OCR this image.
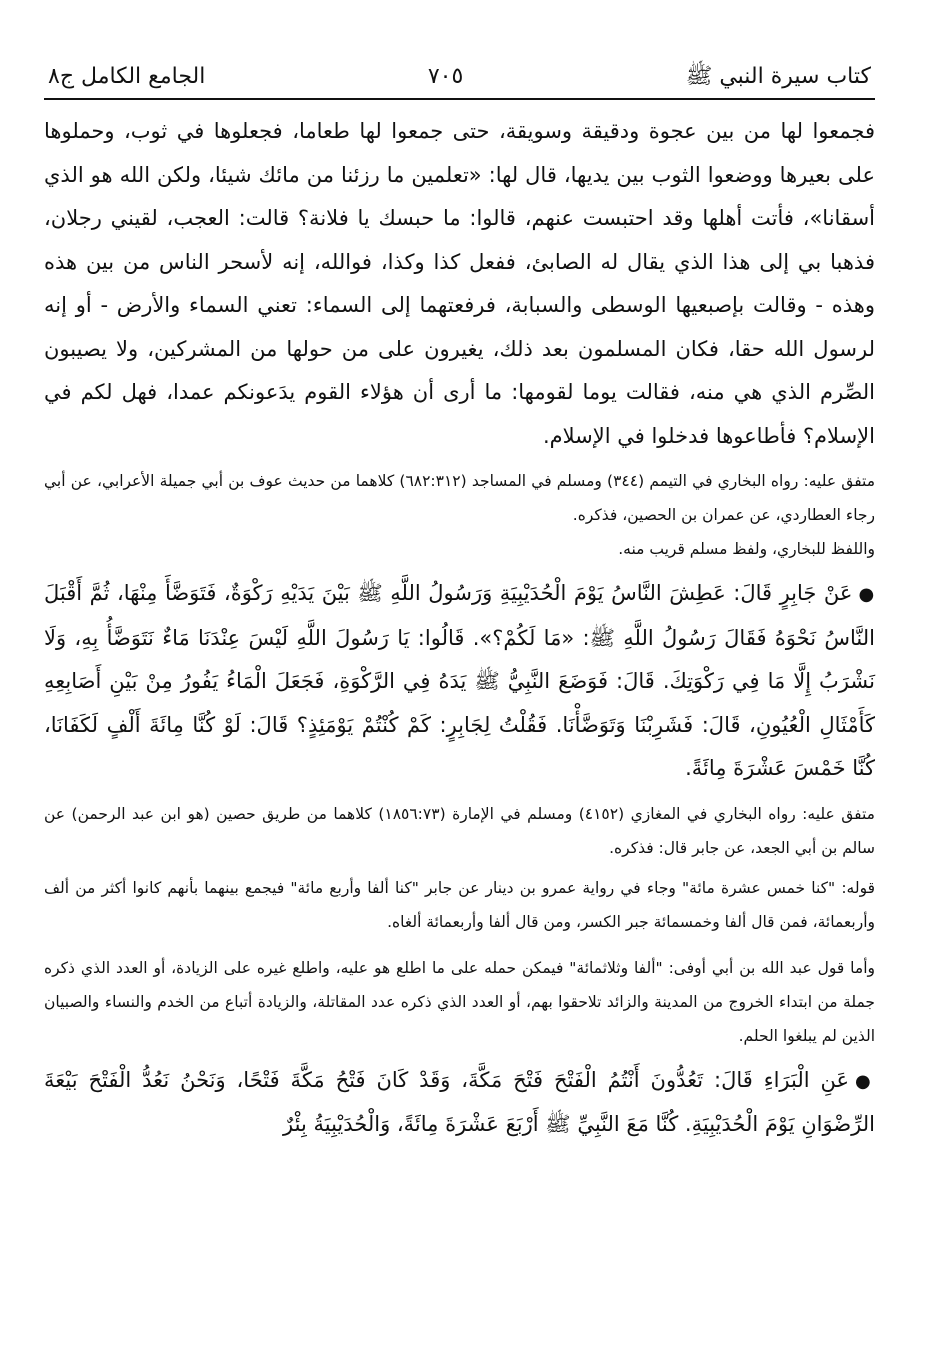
كتاب سيرة النبي ﷺ
٧٠٥
الجامع الكامل ج٨

فجمعوا لها من بين عجوة ودقيقة وسويقة، حتى جمعوا لها طعاما، فجعلوها في ثوب، وحملوها على بعيرها ووضعوا الثوب بين يديها، قال لها: «تعلمين ما رزئنا من مائك شيئا، ولكن الله هو الذي أسقانا»، فأتت أهلها وقد احتبست عنهم، قالوا: ما حبسك يا فلانة؟ قالت: العجب، لقيني رجلان، فذهبا بي إلى هذا الذي يقال له الصابئ، ففعل كذا وكذا، فوالله، إنه لأسحر الناس من بين هذه وهذه - وقالت بإصبعيها الوسطى والسبابة، فرفعتهما إلى السماء: تعني السماء والأرض - أو إنه لرسول الله حقا، فكان المسلمون بعد ذلك، يغيرون على من حولها من المشركين، ولا يصيبون الصِّرم الذي هي منه، فقالت يوما لقومها: ما أرى أن هؤلاء القوم يدَعونكم عمدا، فهل لكم في الإسلام؟ فأطاعوها فدخلوا في الإسلام.

متفق عليه: رواه البخاري في التيمم (٣٤٤) ومسلم في المساجد (٦٨٢:٣١٢) كلاهما من حديث عوف بن أبي جميلة الأعرابي، عن أبي رجاء العطاردي، عن عمران بن الحصين، فذكره.

واللفظ للبخاري، ولفظ مسلم قريب منه.

●عَنْ جَابِرٍ قَالَ: عَطِشَ النَّاسُ يَوْمَ الْحُدَيْبِيَةِ وَرَسُولُ اللَّهِ ﷺ بَيْنَ يَدَيْهِ رَكْوَةٌ، فَتَوَضَّأَ مِنْهَا، ثُمَّ أَقْبَلَ النَّاسُ نَحْوَهُ فَقَالَ رَسُولُ اللَّهِ ﷺ: «مَا لَكُمْ؟». قَالُوا: يَا رَسُولَ اللَّهِ لَيْسَ عِنْدَنَا مَاءٌ نَتَوَضَّأُ بِهِ، وَلَا نَشْرَبُ إِلَّا مَا فِي رَكْوَتِكَ. قَالَ: فَوَضَعَ النَّبِيُّ ﷺ يَدَهُ فِي الرَّكْوَةِ، فَجَعَلَ الْمَاءُ يَفُورُ مِنْ بَيْنِ أَصَابِعِهِ كَأَمْثَالِ الْعُيُونِ، قَالَ: فَشَرِبْنَا وَتَوَضَّأْنَا. فَقُلْتُ لِجَابِرٍ: كَمْ كُنْتُمْ يَوْمَئِذٍ؟ قَالَ: لَوْ كُنَّا مِائَةَ أَلْفٍ لَكَفَانَا، كُنَّا خَمْسَ عَشْرَةَ مِائَةً.

متفق عليه: رواه البخاري في المغازي (٤١٥٢) ومسلم في الإمارة (١٨٥٦:٧٣) كلاهما من طريق حصين (هو ابن عبد الرحمن) عن سالم بن أبي الجعد، عن جابر قال: فذكره.

قوله: "كنا خمس عشرة مائة" وجاء في رواية عمرو بن دينار عن جابر "كنا ألفا وأربع مائة" فيجمع بينهما بأنهم كانوا أكثر من ألف وأربعمائة، فمن قال ألفا وخمسمائة جبر الكسر، ومن قال ألفا وأربعمائة ألغاه.

وأما قول عبد الله بن أبي أوفى: "ألفا وثلاثمائة" فيمكن حمله على ما اطلع هو عليه، واطلع غيره على الزيادة، أو العدد الذي ذكره جملة من ابتداء الخروج من المدينة والزائد تلاحقوا بهم، أو العدد الذي ذكره عدد المقاتلة، والزيادة أتباع من الخدم والنساء والصبيان الذين لم يبلغوا الحلم.

●عَنِ الْبَرَاءِ قَالَ: تَعُدُّونَ أَنْتُمُ الْفَتْحَ فَتْحَ مَكَّةَ، وَقَدْ كَانَ فَتْحُ مَكَّةَ فَتْحًا، وَنَحْنُ نَعُدُّ الْفَتْحَ بَيْعَةَ الرِّضْوَانِ يَوْمَ الْحُدَيْبِيَةِ. كُنَّا مَعَ النَّبِيِّ ﷺ أَرْبَعَ عَشْرَةَ مِائَةً، وَالْحُدَيْبِيَةُ بِئْرٌ
